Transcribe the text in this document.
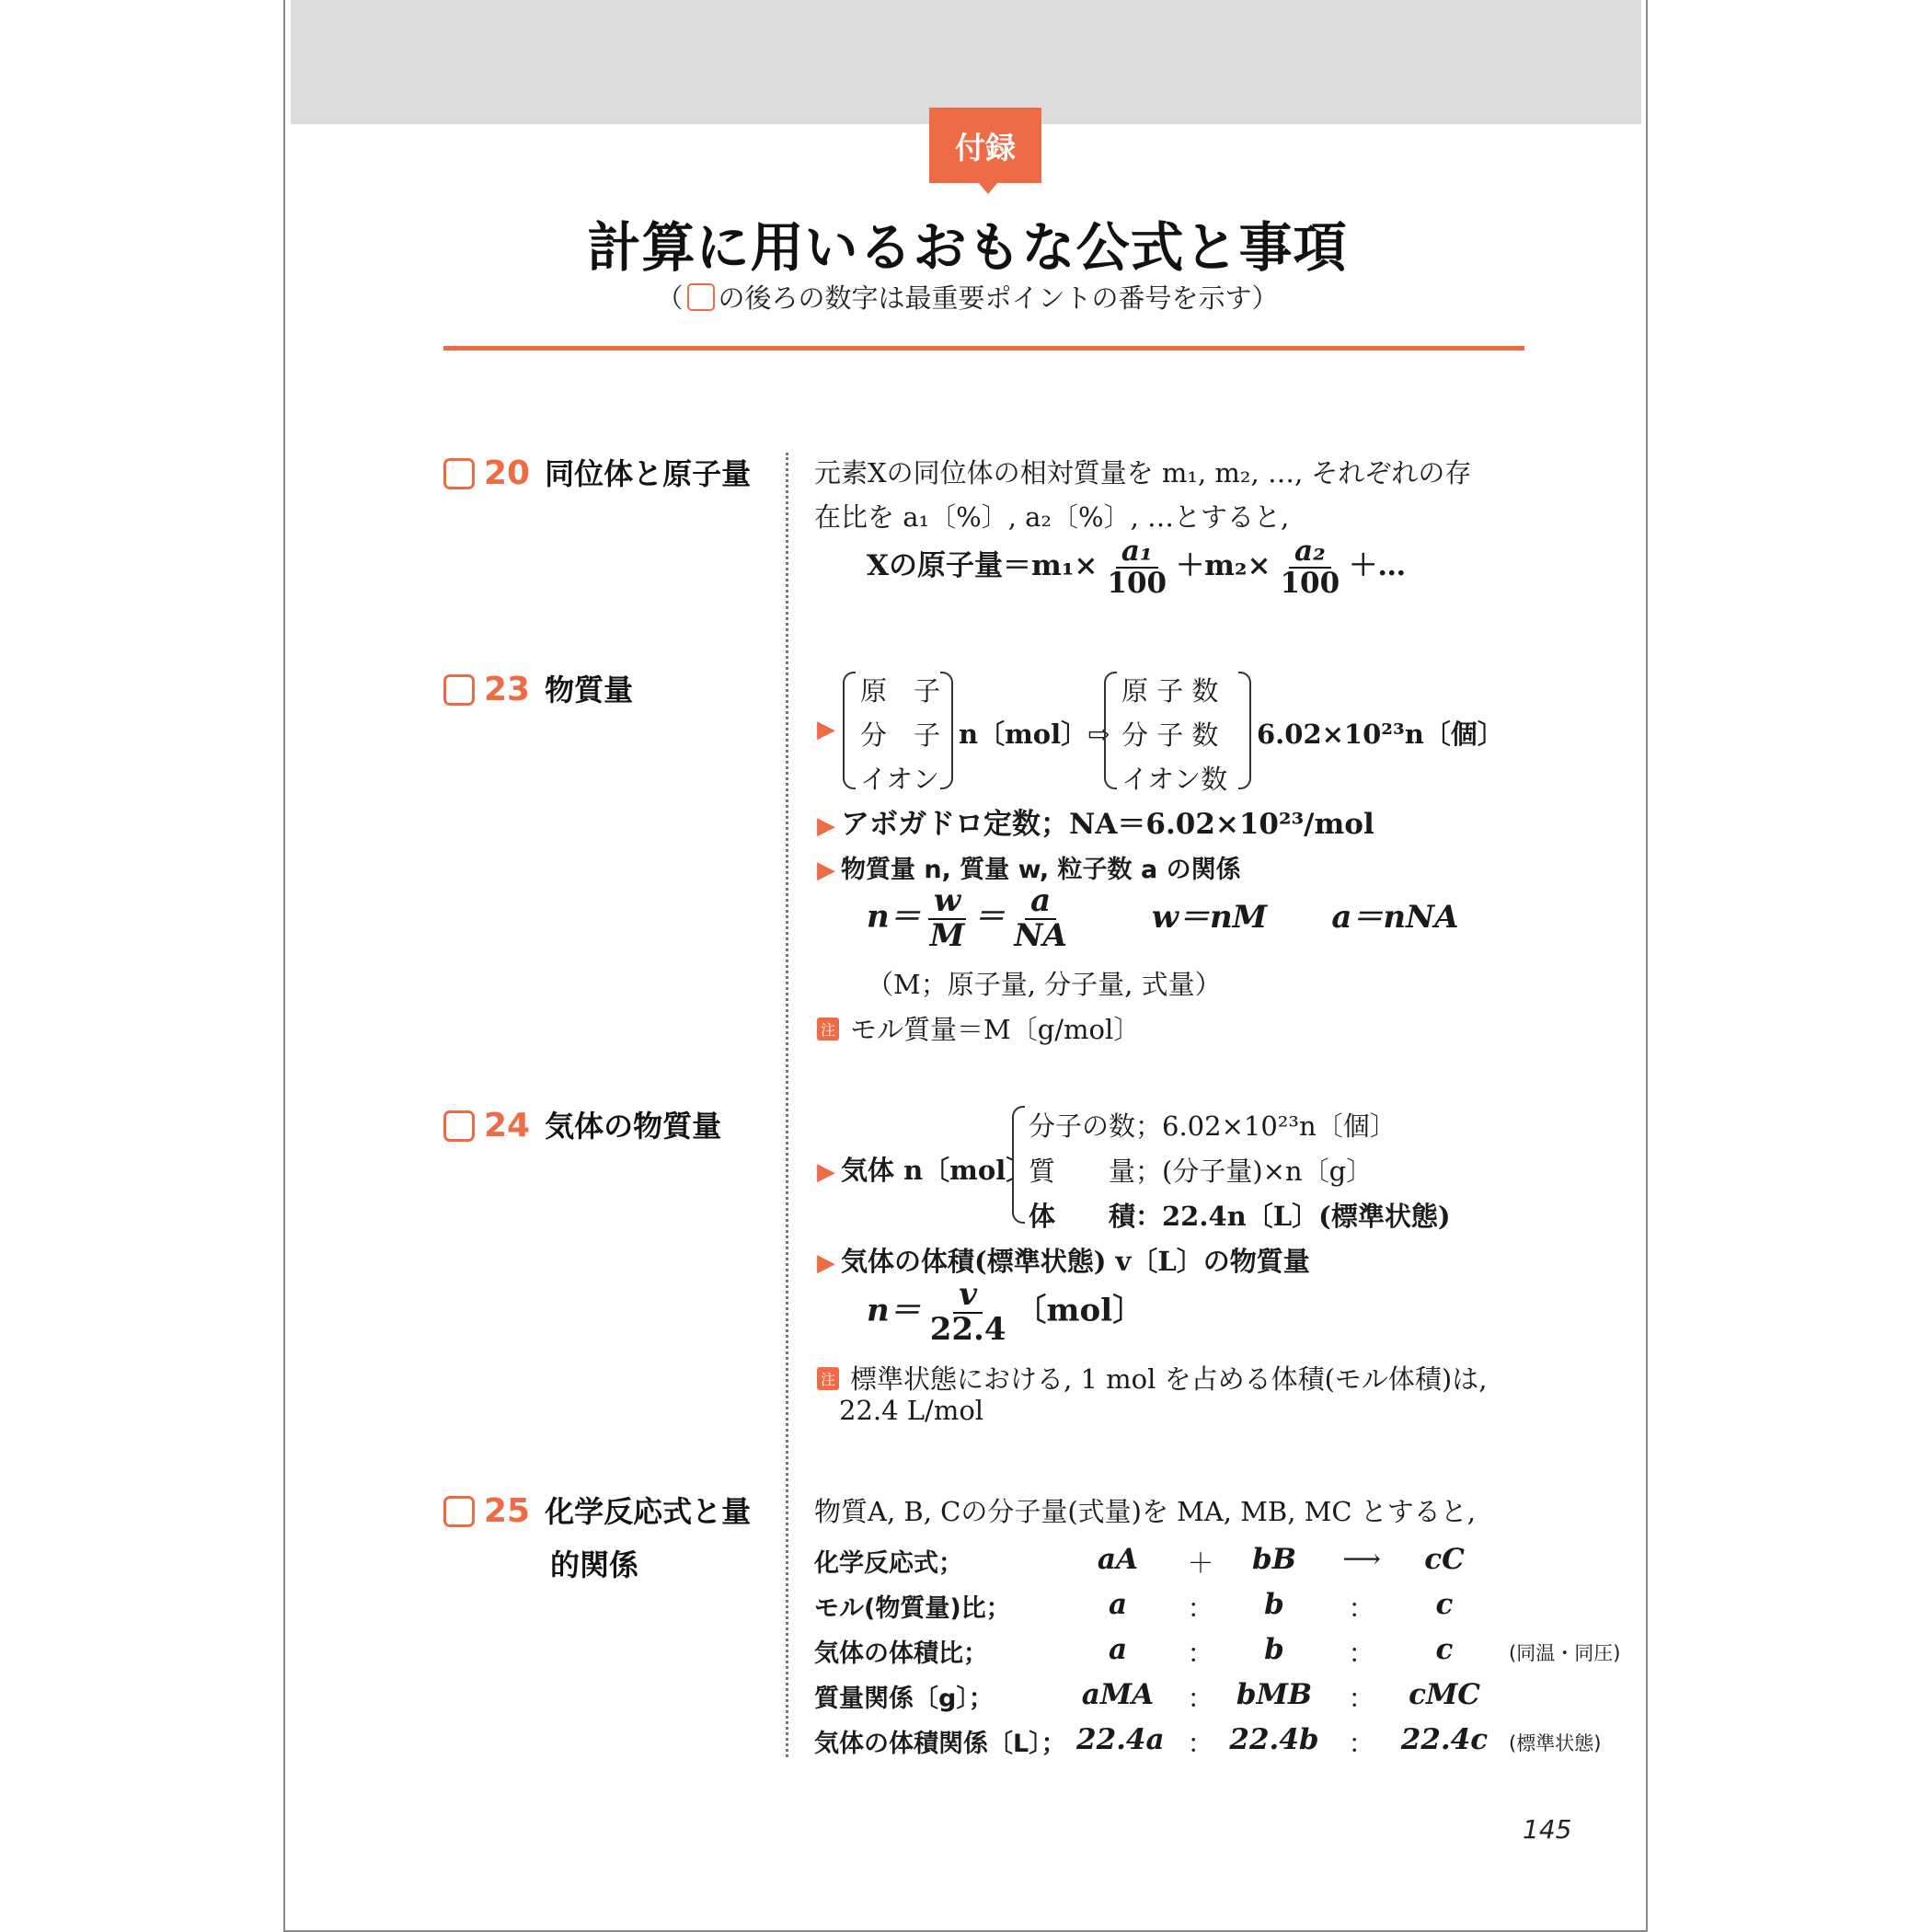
付録
計算に用いるおもな公式と事項
（ の後ろの数字は最重要ポイントの番号を示す）
20 同位体と原子量 元素Xの同位体の相対質量を m₁, m₂, …, それぞれの存
在比を a₁〔%〕, a₂〔%〕, …とすると,
Xの原子量$=m_1\times \frac{\text{a₁}}{100} +m_2\times \frac{\text{a₂}}{100}$ ＋…
23 物質量
▶
原　子
分　子
イオン
n〔mol〕⇨
原 子 数
分 子 数
イオン数
6.02×10²³n〔個〕
▶ アボガドロ定数；NA＝6.02×10²³/mol
▶ 物質量 n, 質量 w, 粒子数 a の関係
$n= \frac{w}{M} = \frac{a}{NA}$	w＝nM a＝nNA
（M；原子量, 分子量, 式量）
注 モル質量＝M〔g/mol〕
24 気体の物質量
▶ 気体 n〔mol〕
分子の数；6.02×10²³n〔個〕
質　　量；(分子量)×n〔g〕
体　　積：22.4n〔L〕(標準状態)
▶ 気体の体積(標準状態) v〔L〕の物質量
$n= \frac{v}{22.4}$ 〔mol〕
注 標準状態における, 1 mol を占める体積(モル体積)は,
22.4 L/mol
25 化学反応式と量
的関係
物質A, B, Cの分子量(式量)を MA, MB, MC とすると,
化学反応式；	aA	＋	bB	⟶	cC
モル(物質量)比；	a	：	b	：	c
気体の体積比；	a	：	b	：	c	(同温・同圧)
質量関係〔g〕；	aMA ： bMB	：	cMC
気体の体積関係〔L〕； 22.4a ： 22.4b	： 22.4c (標準状態)
145
